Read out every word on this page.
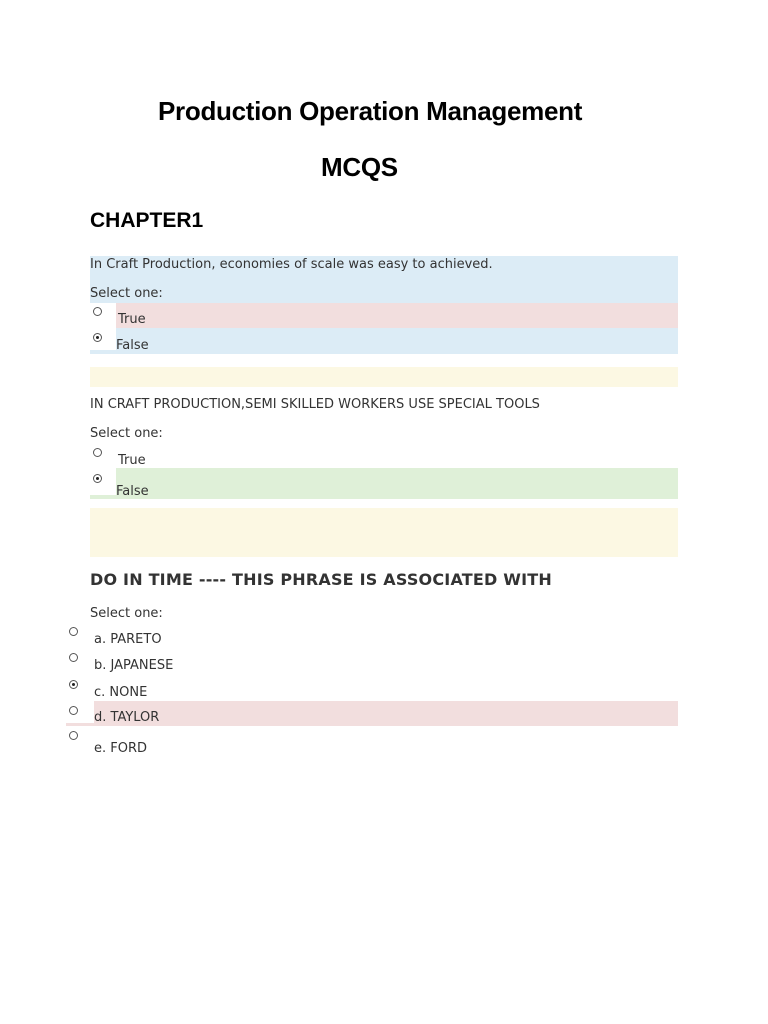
Production Operation Management
MCQS
CHAPTER1
In Craft Production, economies of scale was easy to achieved.
Select one:
True
False
IN CRAFT PRODUCTION,SEMI SKILLED WORKERS USE SPECIAL TOOLS
Select one:
True
False
DO IN TIME ---- THIS PHRASE IS ASSOCIATED WITH
Select one:
a. PARETO
b. JAPANESE
c. NONE
d. TAYLOR
e. FORD
